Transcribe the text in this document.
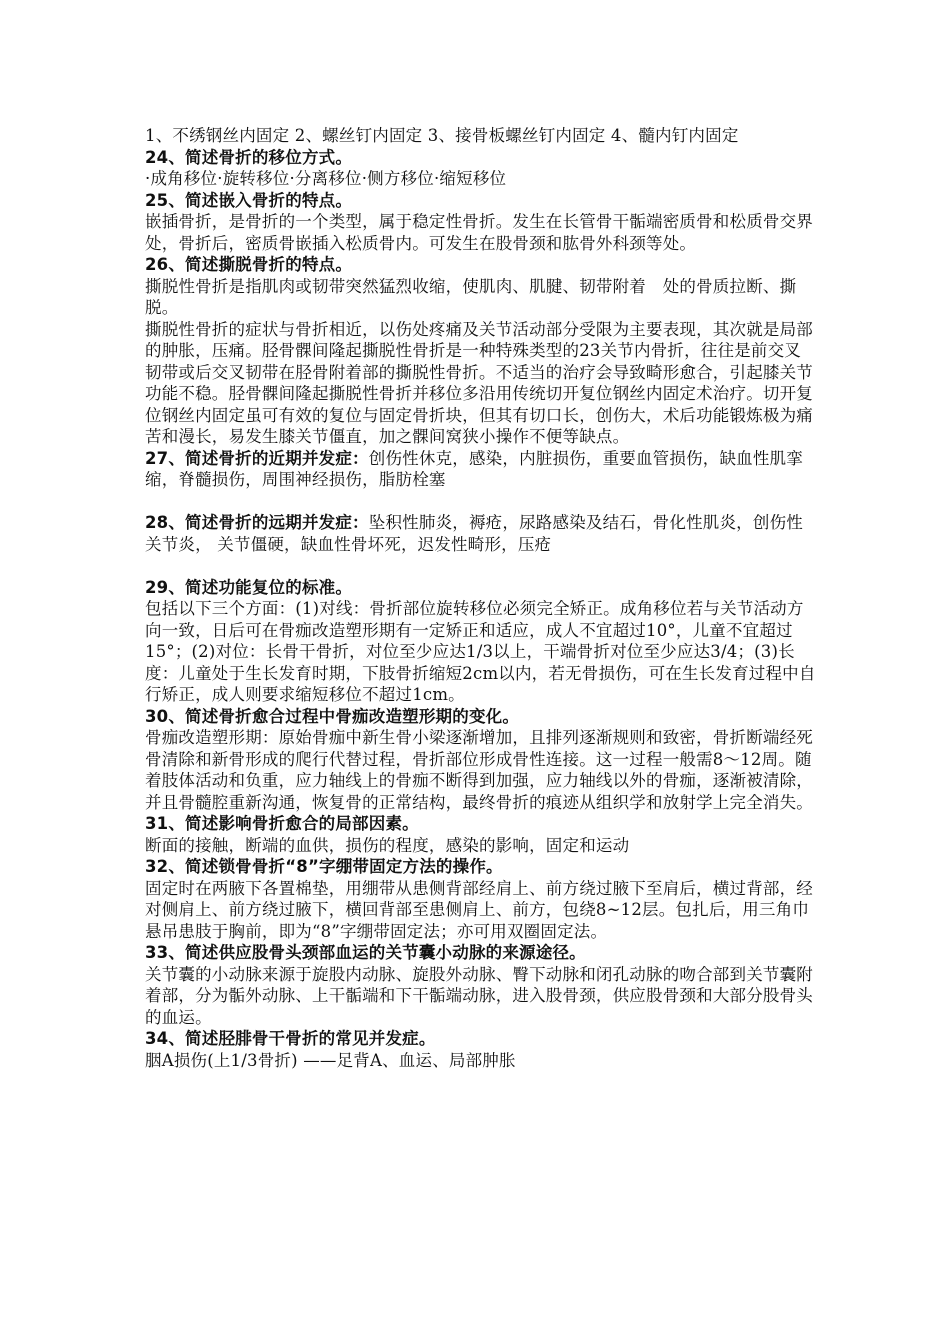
1、不绣钢丝内固定 2、螺丝钉内固定 3、接骨板螺丝钉内固定 4、髓内钉内固定

24、简述骨折的移位方式。

·成角移位·旋转移位·分离移位·侧方移位·缩短移位

25、简述嵌入骨折的特点。

嵌插骨折，是骨折的一个类型，属于稳定性骨折。发生在长管骨干骺端密质骨和松质骨交界处，骨折后，密质骨嵌插入松质骨内。可发生在股骨颈和肱骨外科颈等处。

26、简述撕脱骨折的特点。

撕脱性骨折是指肌肉或韧带突然猛烈收缩，使肌肉、肌腱、韧带附着　处的骨质拉断、撕脱。

撕脱性骨折的症状与骨折相近，以伤处疼痛及关节活动部分受限为主要表现，其次就是局部的肿胀，压痛。胫骨髁间隆起撕脱性骨折是一种特殊类型的23关节内骨折，往往是前交叉韧带或后交叉韧带在胫骨附着部的撕脱性骨折。不适当的治疗会导致畸形愈合，引起膝关节功能不稳。胫骨髁间隆起撕脱性骨折并移位多沿用传统切开复位钢丝内固定术治疗。切开复位钢丝内固定虽可有效的复位与固定骨折块，但其有切口长，创伤大，术后功能锻炼极为痛苦和漫长，易发生膝关节僵直，加之髁间窝狭小操作不便等缺点。

27、简述骨折的近期并发症：创伤性休克，感染，内脏损伤，重要血管损伤，缺血性肌挛缩，脊髓损伤，周围神经损伤，脂肪栓塞

28、简述骨折的远期并发症：坠积性肺炎，褥疮，尿路感染及结石，骨化性肌炎，创伤性关节炎， 关节僵硬，缺血性骨坏死，迟发性畸形，压疮

29、简述功能复位的标准。

包括以下三个方面：(1)对线：骨折部位旋转移位必须完全矫正。成角移位若与关节活动方向一致，日后可在骨痂改造塑形期有一定矫正和适应，成人不宜超过10°，儿童不宜超过15°；(2)对位：长骨干骨折，对位至少应达1/3以上，干端骨折对位至少应达3/4；(3)长度：儿童处于生长发育时期，下肢骨折缩短2cm以内，若无骨损伤，可在生长发育过程中自行矫正，成人则要求缩短移位不超过1cm。

30、简述骨折愈合过程中骨痂改造塑形期的变化。

骨痂改造塑形期：原始骨痂中新生骨小梁逐渐增加，且排列逐渐规则和致密，骨折断端经死骨清除和新骨形成的爬行代替过程，骨折部位形成骨性连接。这一过程一般需8～12周。随着肢体活动和负重，应力轴线上的骨痂不断得到加强，应力轴线以外的骨痂，逐渐被清除，并且骨髓腔重新沟通，恢复骨的正常结构，最终骨折的痕迹从组织学和放射学上完全消失。

31、简述影响骨折愈合的局部因素。

断面的接触，断端的血供，损伤的程度，感染的影响，固定和运动

32、简述锁骨骨折“8”字绷带固定方法的操作。

固定时在两腋下各置棉垫，用绷带从患侧背部经肩上、前方绕过腋下至肩后，横过背部，经对侧肩上、前方绕过腋下，横回背部至患侧肩上、前方，包绕8~12层。包扎后，用三角巾悬吊患肢于胸前，即为“8”字绷带固定法；亦可用双圈固定法。

33、简述供应股骨头颈部血运的关节囊小动脉的来源途径。

关节囊的小动脉来源于旋股内动脉、旋股外动脉、臀下动脉和闭孔动脉的吻合部到关节囊附着部，分为骺外动脉、上干骺端和下干骺端动脉，进入股骨颈，供应股骨颈和大部分股骨头的血运。

34、简述胫腓骨干骨折的常见并发症。

胭A损伤(上1/3骨折) ——足背A、血运、局部肿胀
